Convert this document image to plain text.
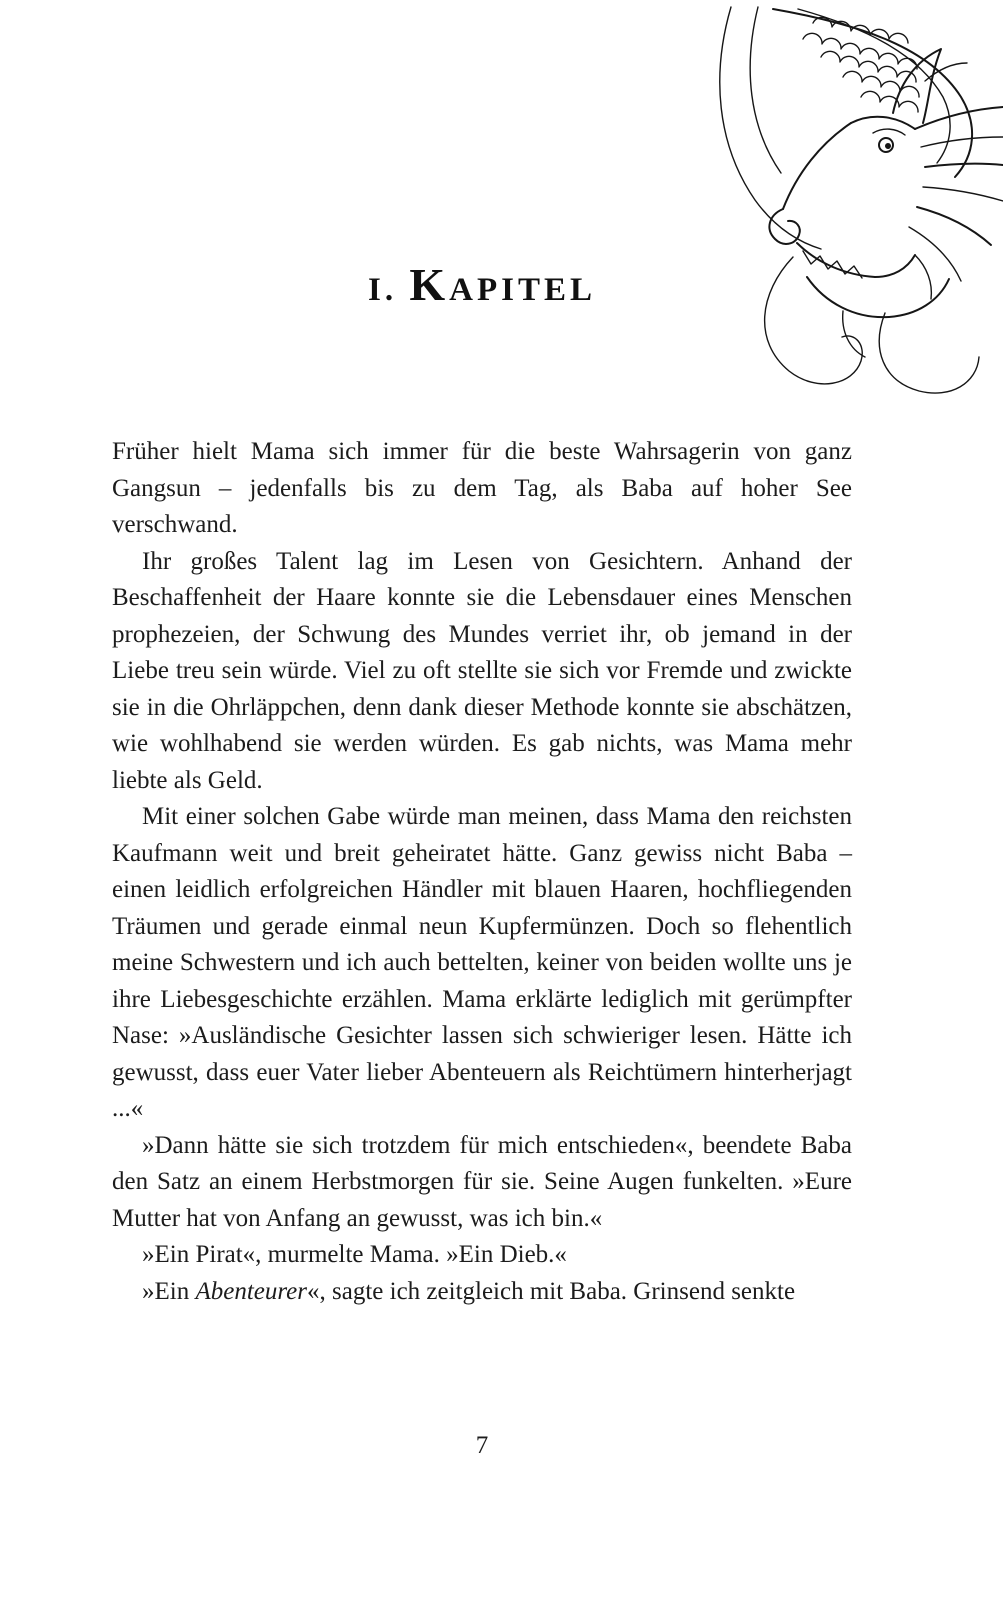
I. KAPITEL

Früher hielt Mama sich immer für die beste Wahrsagerin von ganz Gangsun – jedenfalls bis zu dem Tag, als Baba auf hoher See verschwand.

Ihr großes Talent lag im Lesen von Gesichtern. Anhand der Beschaffenheit der Haare konnte sie die Lebensdauer eines Menschen prophezeien, der Schwung des Mundes verriet ihr, ob jemand in der Liebe treu sein würde. Viel zu oft stellte sie sich vor Fremde und zwickte sie in die Ohrläppchen, denn dank dieser Methode konnte sie abschätzen, wie wohlhabend sie werden würden. Es gab nichts, was Mama mehr liebte als Geld.

Mit einer solchen Gabe würde man meinen, dass Mama den reichsten Kaufmann weit und breit geheiratet hätte. Ganz gewiss nicht Baba – einen leidlich erfolgreichen Händler mit blauen Haaren, hochfliegenden Träumen und gerade einmal neun Kupfermünzen. Doch so flehentlich meine Schwestern und ich auch bettelten, keiner von beiden wollte uns je ihre Liebesgeschichte erzählen. Mama erklärte lediglich mit gerümpfter Nase: »Ausländische Gesichter lassen sich schwieriger lesen. Hätte ich gewusst, dass euer Vater lieber Abenteuern als Reichtümern hinterherjagt ...«

»Dann hätte sie sich trotzdem für mich entschieden«, beendete Baba den Satz an einem Herbstmorgen für sie. Seine Augen funkelten. »Eure Mutter hat von Anfang an gewusst, was ich bin.«

»Ein Pirat«, murmelte Mama. »Ein Dieb.«

»Ein Abenteurer«, sagte ich zeitgleich mit Baba. Grinsend senkte

7
